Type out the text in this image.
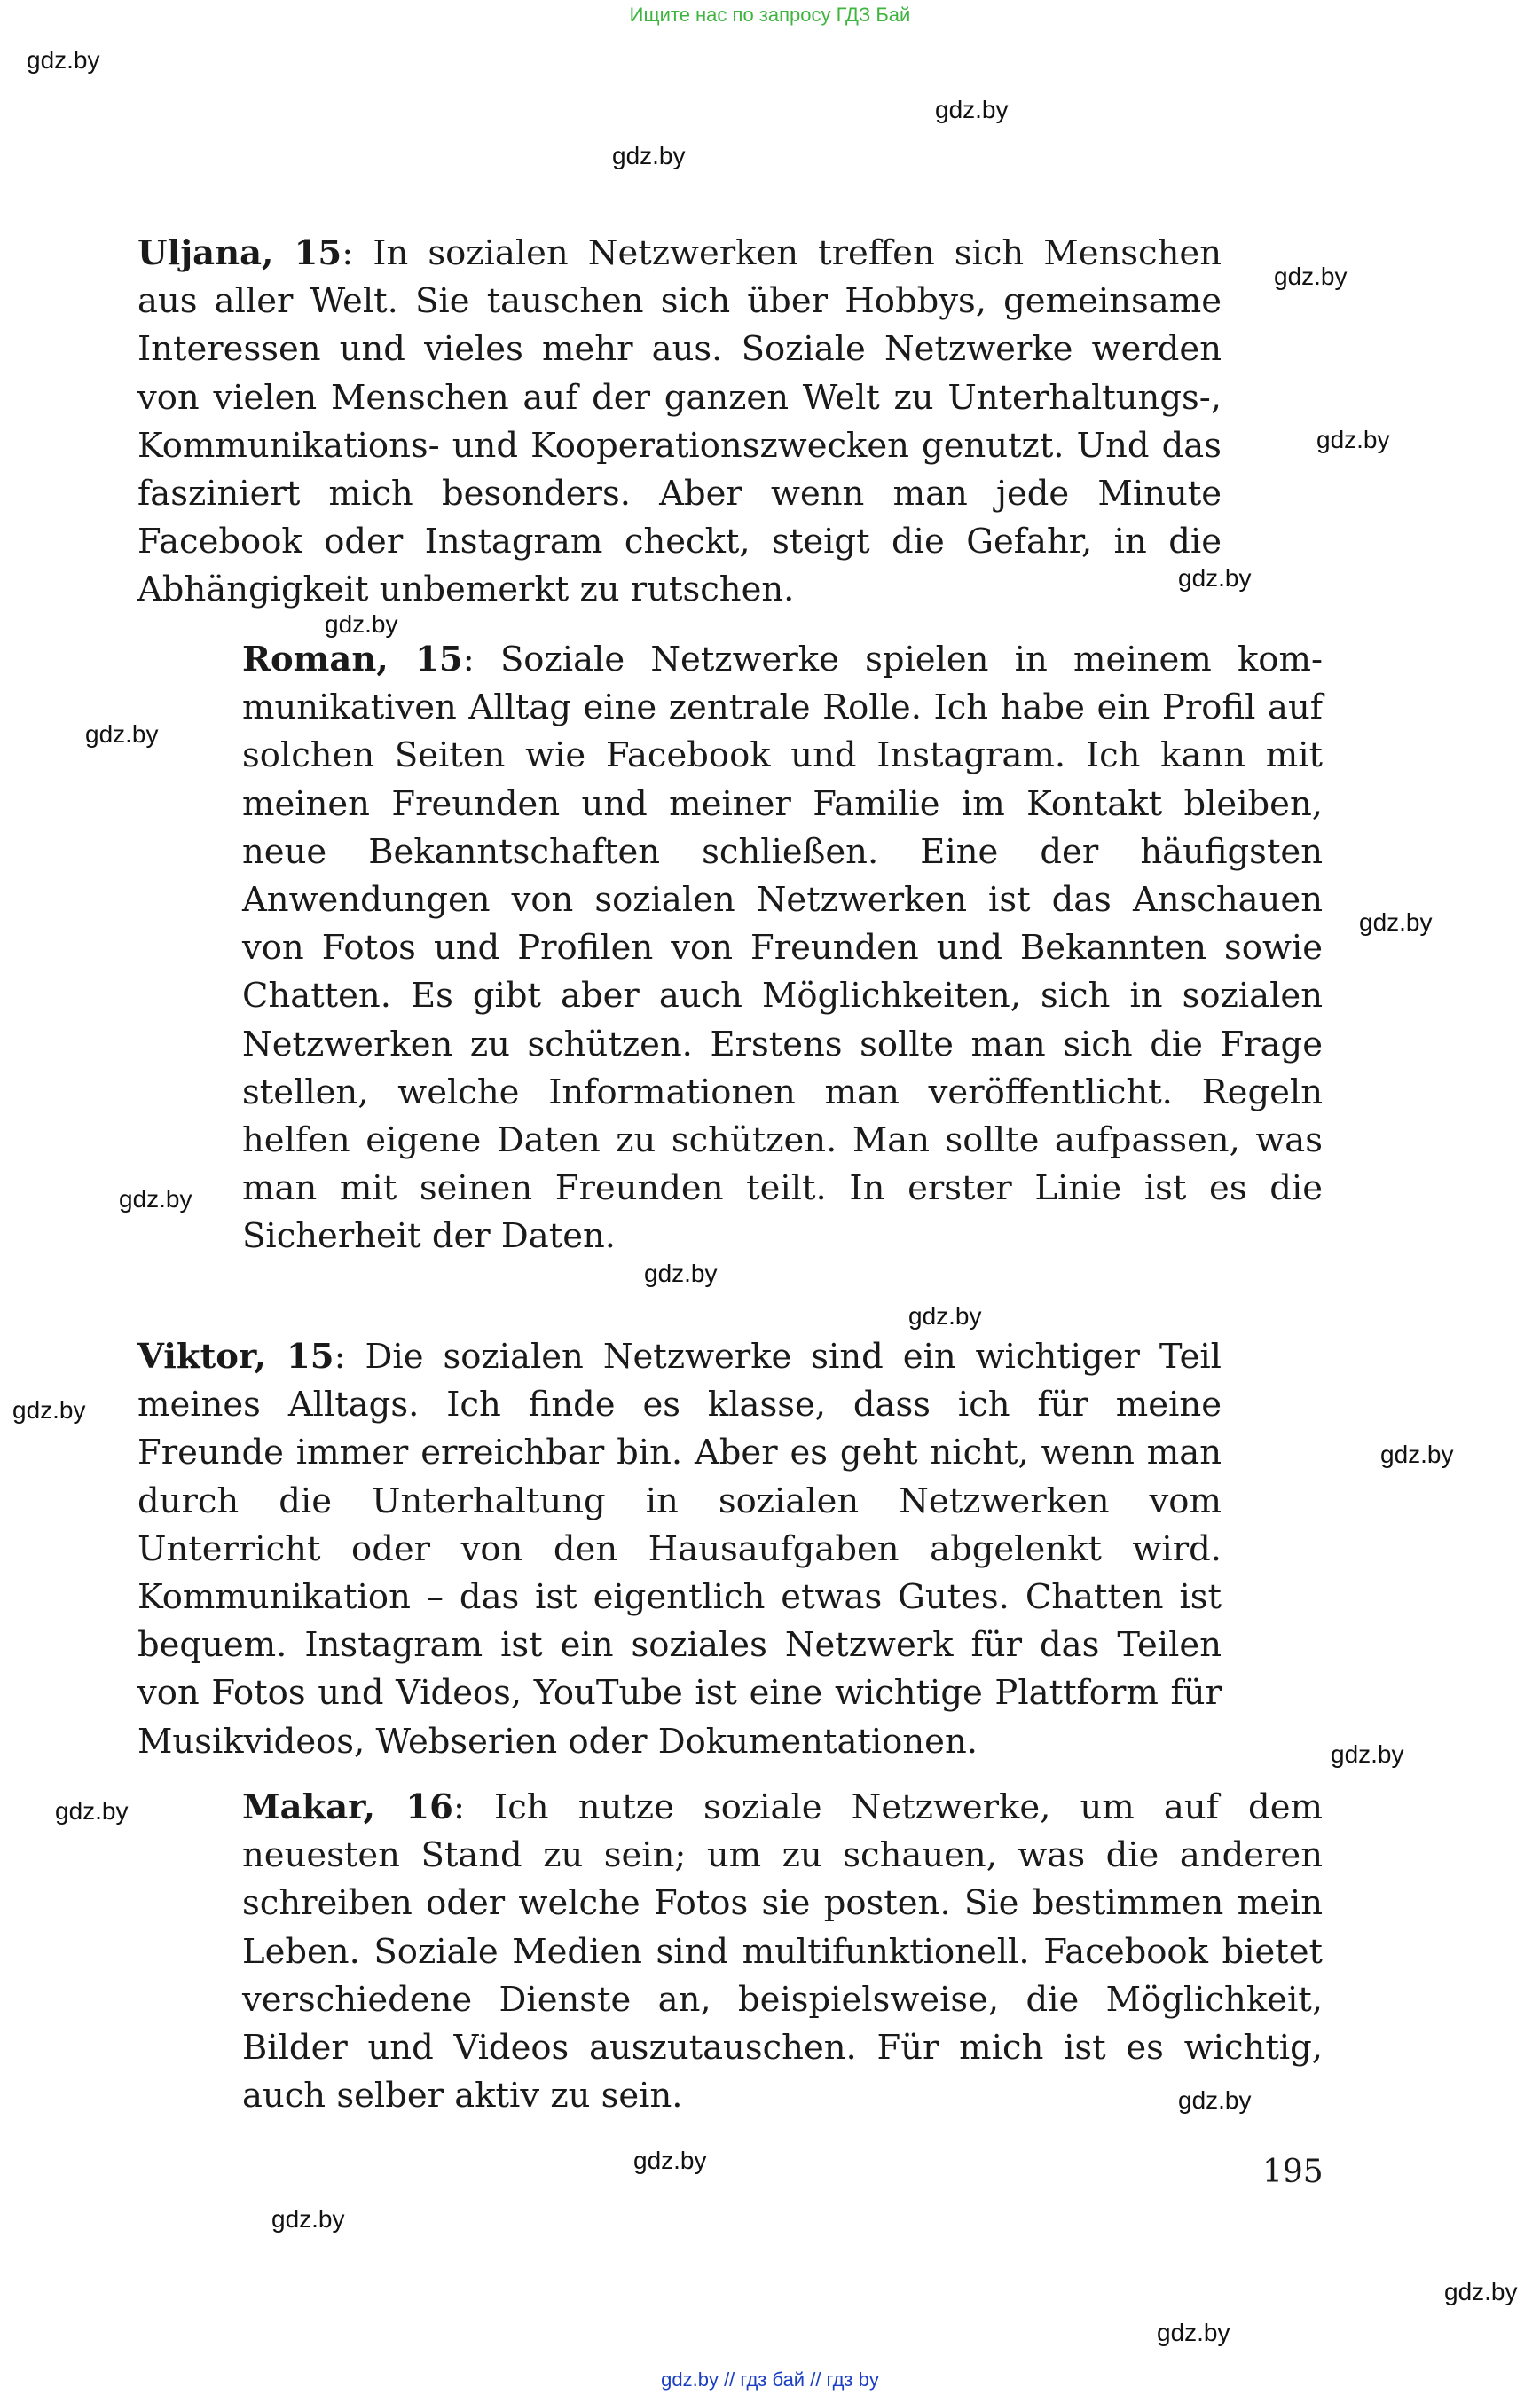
Ищите нас по запросу ГДЗ Бай
gdz.by
gdz.by
gdz.by
gdz.by
gdz.by
gdz.by
gdz.by
gdz.by
gdz.by
gdz.by
gdz.by
gdz.by
gdz.by
gdz.by
gdz.by
gdz.by
gdz.by
gdz.by
gdz.by
gdz.by
gdz.by

Uljana, 15: In sozialen Netzwerken treffen sich Menschen aus aller Welt. Sie tauschen sich über Hobbys, gemeinsame Interessen und vieles mehr aus. Soziale Netzwerke werden von vielen Menschen auf der ganzen Welt zu Unterhaltungs-, Kommunikations- und Kooperationszwecken genutzt. Und das fasziniert mich besonders. Aber wenn man jede Minute Facebook oder Instagram checkt, steigt die Gefahr, in die Abhängigkeit unbemerkt zu rutschen.

Roman, 15: Soziale Netzwerke spielen in meinem kommunikativen Alltag eine zentrale Rolle. Ich habe ein Profil auf solchen Seiten wie Facebook und Instagram. Ich kann mit meinen Freunden und meiner Familie im Kontakt bleiben, neue Bekanntschaften schließen. Eine der häufigsten Anwendungen von sozialen Netzwerken ist das Anschauen von Fotos und Profilen von Freunden und Bekannten sowie Chatten. Es gibt aber auch Möglichkeiten, sich in sozialen Netzwerken zu schützen. Erstens sollte man sich die Frage stellen, welche Informationen man veröffentlicht. Regeln helfen eigene Daten zu schützen. Man sollte aufpassen, was man mit seinen Freunden teilt. In erster Linie ist es die Sicherheit der Daten.

Viktor, 15: Die sozialen Netzwerke sind ein wichtiger Teil meines Alltags. Ich finde es klasse, dass ich für meine Freunde immer erreichbar bin. Aber es geht nicht, wenn man durch die Unterhaltung in sozialen Netzwerken vom Unterricht oder von den Hausaufgaben abgelenkt wird. Kommunikation – das ist eigentlich etwas Gutes. Chatten ist bequem. Instagram ist ein soziales Netzwerk für das Teilen von Fotos und Videos, YouTube ist eine wichtige Plattform für Musikvideos, Webserien oder Dokumentationen.

Makar, 16: Ich nutze soziale Netzwerke, um auf dem neuesten Stand zu sein; um zu schauen, was die anderen schreiben oder welche Fotos sie posten. Sie bestimmen mein Leben. Soziale Medien sind multifunktionell. Facebook bietet verschiedene Dienste an, beispielsweise, die Möglichkeit, Bilder und Videos auszutauschen. Für mich ist es wichtig, auch selber aktiv zu sein.

195
gdz.by // гдз бай // гдз by
